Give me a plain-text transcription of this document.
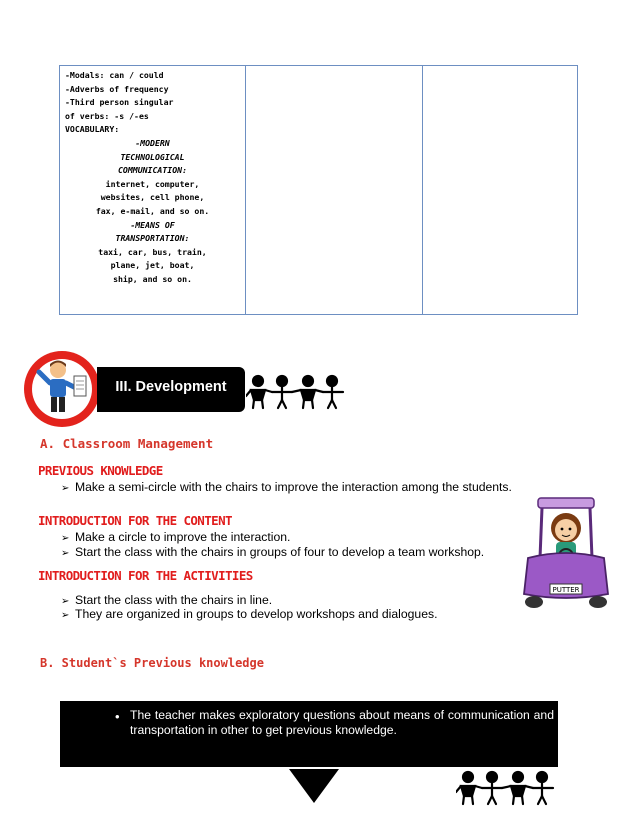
-Modals: can / could
-Adverbs of frequency
-Third person singular
of verbs: -s /-es
VOCABULARY:
-MODERN
TECHNOLOGICAL
COMMUNICATION:
internet, computer,
websites, cell phone,
fax, e-mail, and so on.
-MEANS OF
TRANSPORTATION:
taxi, car, bus, train,
plane, jet, boat,
ship, and so on.
III. Development
A. Classroom Management
PREVIOUS KNOWLEDGE
➢ Make a semi-circle with the chairs to improve the interaction among the students.
INTRODUCTION FOR THE CONTENT
➢ Make a circle to improve the interaction.
➢ Start the class with the chairs in groups of four to develop a team workshop.
INTRODUCTION FOR THE ACTIVITIES
➢ Start the class with the chairs in line.
➢ They are organized in groups to develop workshops and dialogues.
PUTTER
B. Student`s Previous knowledge
• The teacher makes exploratory questions about means of communication and transportation in other to get previous knowledge.
